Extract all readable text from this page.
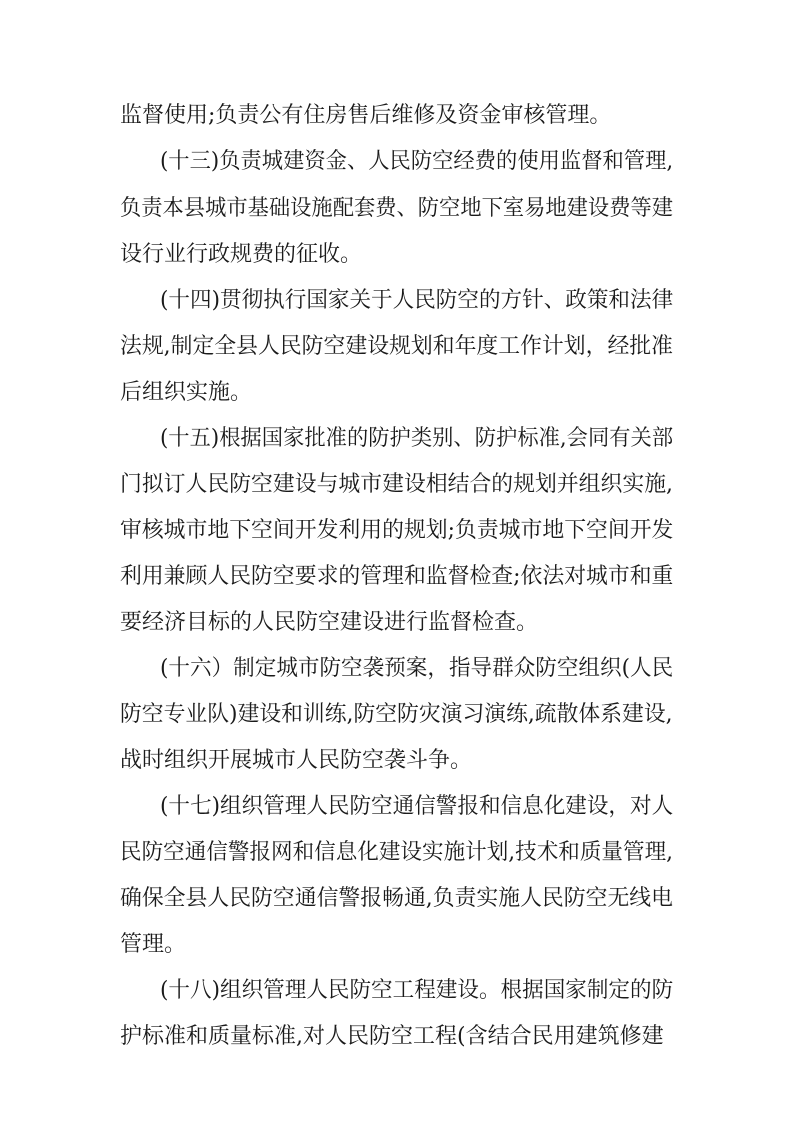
监督使用;负责公有住房售后维修及资金审核管理。
(十三)负责城建资金、人民防空经费的使用监督和管理,
负责本县城市基础设施配套费、防空地下室易地建设费等建
设行业行政规费的征收。
(十四)贯彻执行国家关于人民防空的方针、政策和法律
法规,制定全县人民防空建设规划和年度工作计划，经批准
后组织实施。
(十五)根据国家批准的防护类别、防护标准,会同有关部
门拟订人民防空建设与城市建设相结合的规划并组织实施,
审核城市地下空间开发利用的规划;负责城市地下空间开发
利用兼顾人民防空要求的管理和监督检查;依法对城市和重
要经济目标的人民防空建设进行监督检查。
(十六）制定城市防空袭预案，指导群众防空组织(人民
防空专业队)建设和训练,防空防灾演习演练,疏散体系建设,
战时组织开展城市人民防空袭斗争。
(十七)组织管理人民防空通信警报和信息化建设，对人
民防空通信警报网和信息化建设实施计划,技术和质量管理,
确保全县人民防空通信警报畅通,负责实施人民防空无线电
管理。
(十八)组织管理人民防空工程建设。根据国家制定的防
护标准和质量标准,对人民防空工程(含结合民用建筑修建
